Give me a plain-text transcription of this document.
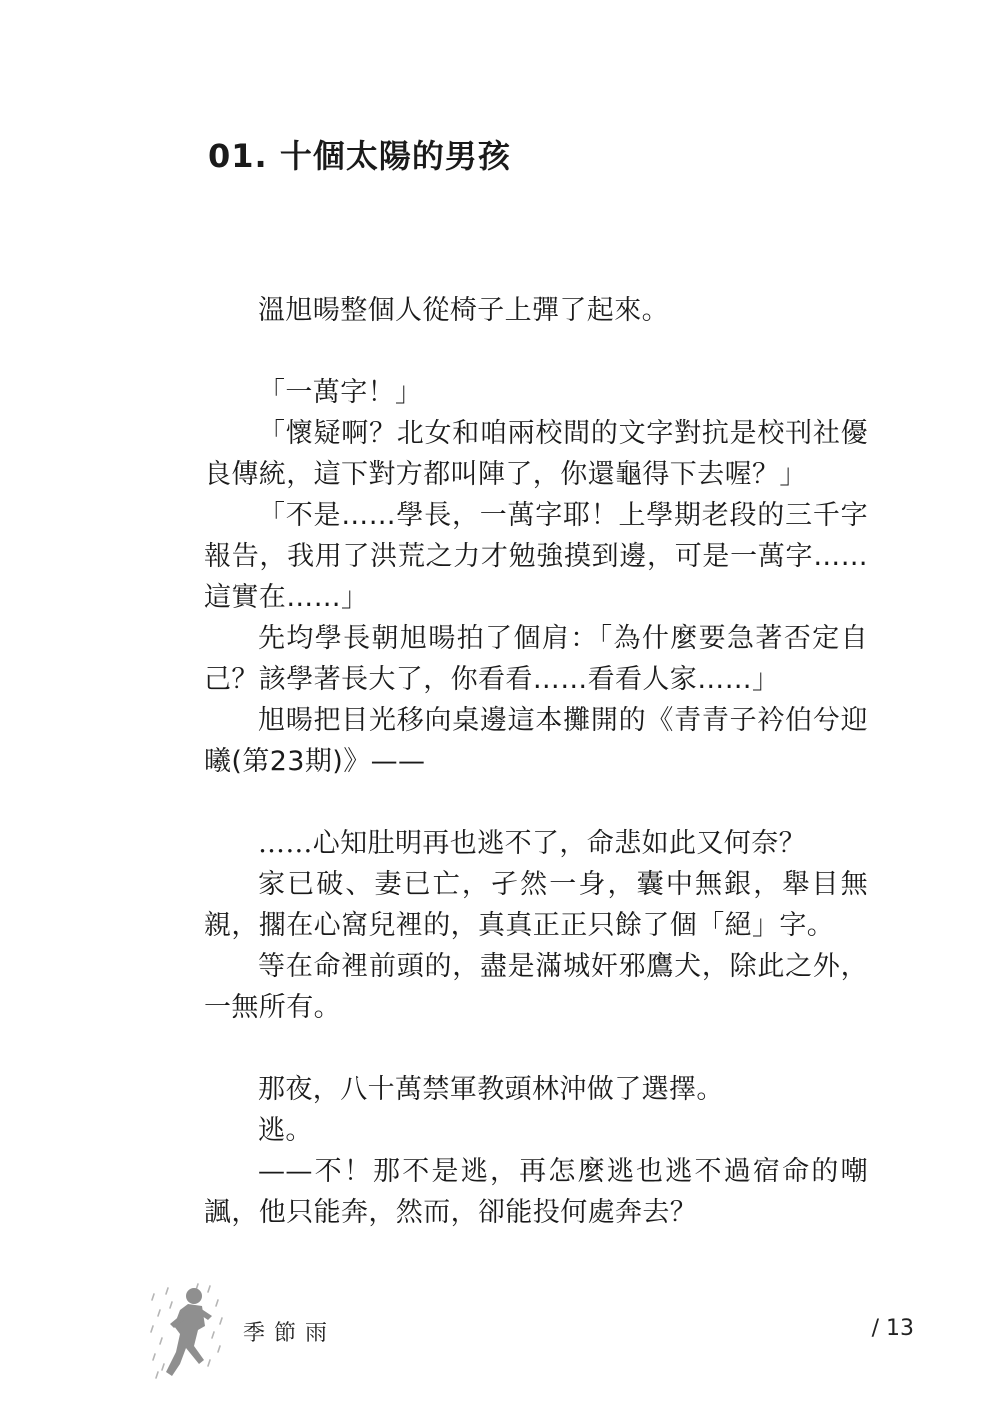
01. 十個太陽的男孩

溫旭暘整個人從椅子上彈了起來。

「一萬字！」

「懷疑啊？北女和咱兩校間的文字對抗是校刊社優良傳統，這下對方都叫陣了，你還龜得下去喔？」

「不是……學長，一萬字耶！上學期老段的三千字報告，我用了洪荒之力才勉強摸到邊，可是一萬字……這實在……」

先均學長朝旭暘拍了個肩：「為什麼要急著否定自己？該學著長大了，你看看……看看人家……」

旭暘把目光移向桌邊這本攤開的《青青子衿伯兮迎曦(第23期)》——

……心知肚明再也逃不了，命悲如此又何奈？

家已破、妻已亡，孑然一身，囊中無銀，舉目無親，擱在心窩兒裡的，真真正正只餘了個「絕」字。

等在命裡前頭的，盡是滿城奸邪鷹犬，除此之外，一無所有。

那夜，八十萬禁軍教頭林沖做了選擇。

逃。

——不！那不是逃，再怎麼逃也逃不過宿命的嘲諷，他只能奔，然而，卻能投何處奔去？

季節雨	/ 13
